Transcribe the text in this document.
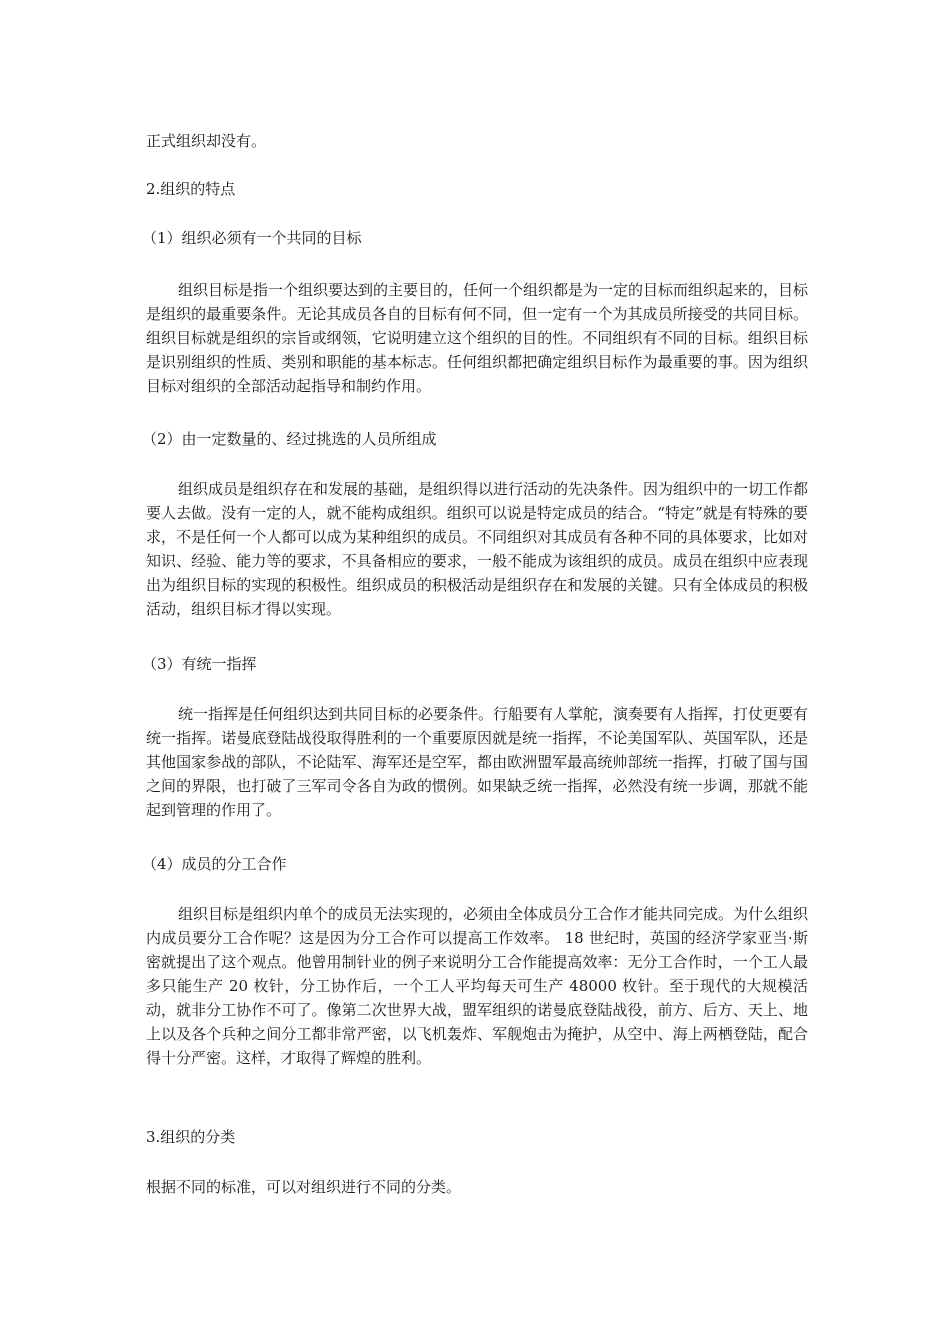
正式组织却没有。
2.组织的特点
（1）组织必须有一个共同的目标
组织目标是指一个组织要达到的主要目的，任何一个组织都是为一定的目标而组织起来的，目标是组织的最重要条件。无论其成员各自的目标有何不同，但一定有一个为其成员所接受的共同目标。组织目标就是组织的宗旨或纲领，它说明建立这个组织的目的性。不同组织有不同的目标。组织目标是识别组织的性质、类别和职能的基本标志。任何组织都把确定组织目标作为最重要的事。因为组织目标对组织的全部活动起指导和制约作用。
（2）由一定数量的、经过挑选的人员所组成
组织成员是组织存在和发展的基础，是组织得以进行活动的先决条件。因为组织中的一切工作都要人去做。没有一定的人，就不能构成组织。组织可以说是特定成员的结合。“特定”就是有特殊的要求，不是任何一个人都可以成为某种组织的成员。不同组织对其成员有各种不同的具体要求，比如对知识、经验、能力等的要求，不具备相应的要求，一般不能成为该组织的成员。成员在组织中应表现出为组织目标的实现的积极性。组织成员的积极活动是组织存在和发展的关键。只有全体成员的积极活动，组织目标才得以实现。
（3）有统一指挥
统一指挥是任何组织达到共同目标的必要条件。行船要有人掌舵，演奏要有人指挥，打仗更要有统一指挥。诺曼底登陆战役取得胜利的一个重要原因就是统一指挥，不论美国军队、英国军队，还是其他国家参战的部队，不论陆军、海军还是空军，都由欧洲盟军最高统帅部统一指挥，打破了国与国之间的界限，也打破了三军司令各自为政的惯例。如果缺乏统一指挥，必然没有统一步调，那就不能起到管理的作用了。
（4）成员的分工合作
组织目标是组织内单个的成员无法实现的，必须由全体成员分工合作才能共同完成。为什么组织内成员要分工合作呢？这是因为分工合作可以提高工作效率。 18 世纪时，英国的经济学家亚当·斯密就提出了这个观点。他曾用制针业的例子来说明分工合作能提高效率：无分工合作时，一个工人最多只能生产 20 枚针，分工协作后，一个工人平均每天可生产 48000 枚针。至于现代的大规模活动，就非分工协作不可了。像第二次世界大战，盟军组织的诺曼底登陆战役，前方、后方、天上、地上以及各个兵种之间分工都非常严密，以飞机轰炸、军舰炮击为掩护，从空中、海上两栖登陆，配合得十分严密。这样，才取得了辉煌的胜利。
3.组织的分类
根据不同的标准，可以对组织进行不同的分类。
